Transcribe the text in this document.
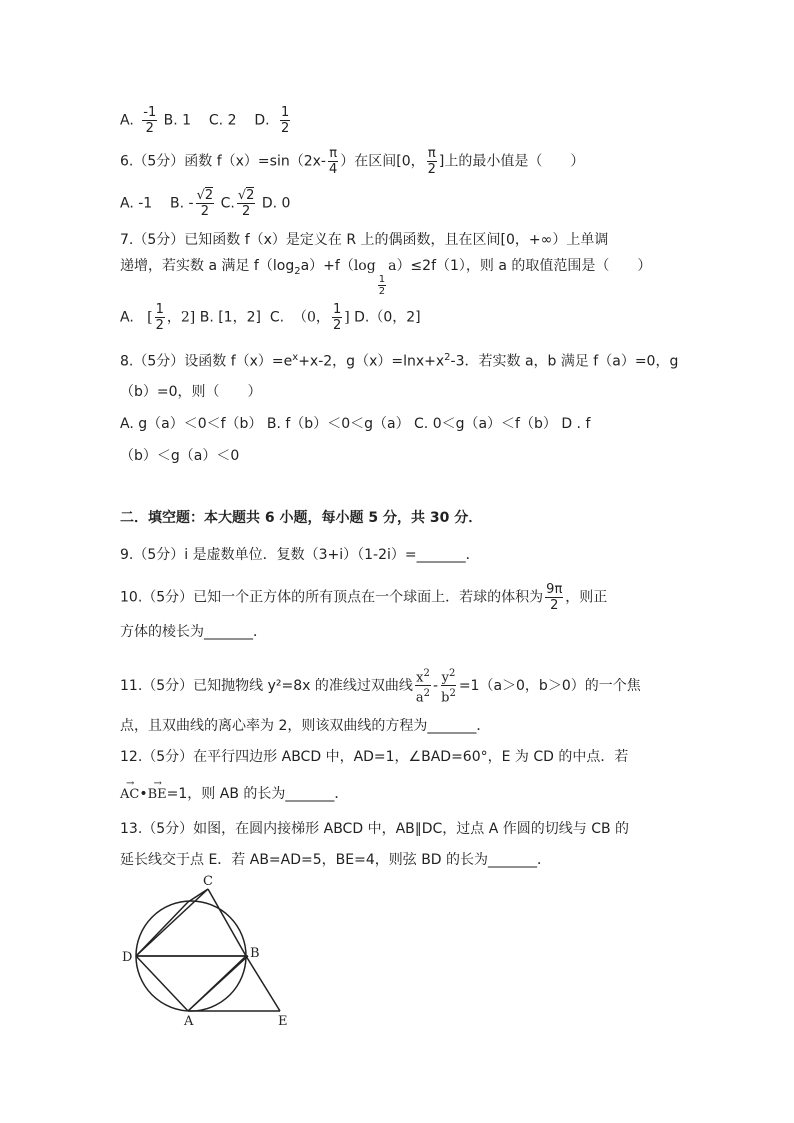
A. $\frac{-1}{2} B$. 1 C. 2 D. $\frac{1}{2}$
6.（5分）函数 $f(x)=\sin(2x- \frac{\pi}{4}$ ）在区间[0， $\frac{\pi}{2}$ ]上的最小值是（　　）
A. -1 B. - $\frac{√2}{2} C$. $\frac{√2}{2} D$. 0
7.（5分）已知函数 f（x）是定义在 R 上的偶函数，且在区间[0，+∞）上单调
递增，若实数 a 满足 $f(\log_2a)+f(\log$
$\frac{1}{2}$
a）≤2f（1），则 a 的取值范围是（　　）
A. [ $\frac{1}{2}$ ，2] B. [1，2] C. （0， $\frac{1}{2}$ ] D.（0，2]
8.（5分）设函数 $f(x)=e^x+x-2$，$g(x)=\ln x+x^2-3$．若实数 a，b 满足 f（a）=0，g
（b）=0，则（　　）
A. g（a）＜0＜f（b） B. f（b）＜0＜g（a） C. 0＜g（a）＜f（b） D . f
（b）＜g（a）＜0
二．填空题：本大题共 6 小题，每小题 5 分，共 30 分．
9.（5分）i 是虚数单位．复数（3+i）（1-2i）=_______．
10.（5分）已知一个正方体的所有顶点在一个球面上．若球的体积为 $\frac{9\pi}{2}$ ，则正
方体的棱长为_______．
11.（5分）已知抛物线 y²=8x 的准线过双曲线 $\frac{x^2}{a^2} - \frac{y^2}{b^2} =1(a>0$，b＞0）的一个焦
点，且双曲线的离心率为 2，则该双曲线的方程为_______．
12.（5分）在平行四边形 ABCD 中，AD=1，∠BAD=60°，E 为 CD 的中点．若
→ AC•→ BE=1，则 AB 的长为_______．
13.（5分）如图，在圆内接梯形 ABCD 中，AB∥DC，过点 A 作圆的切线与 CB 的
延长线交于点 E．若 AB=AD=5，BE=4，则弦 BD 的长为_______．
C
D	B
A	E
